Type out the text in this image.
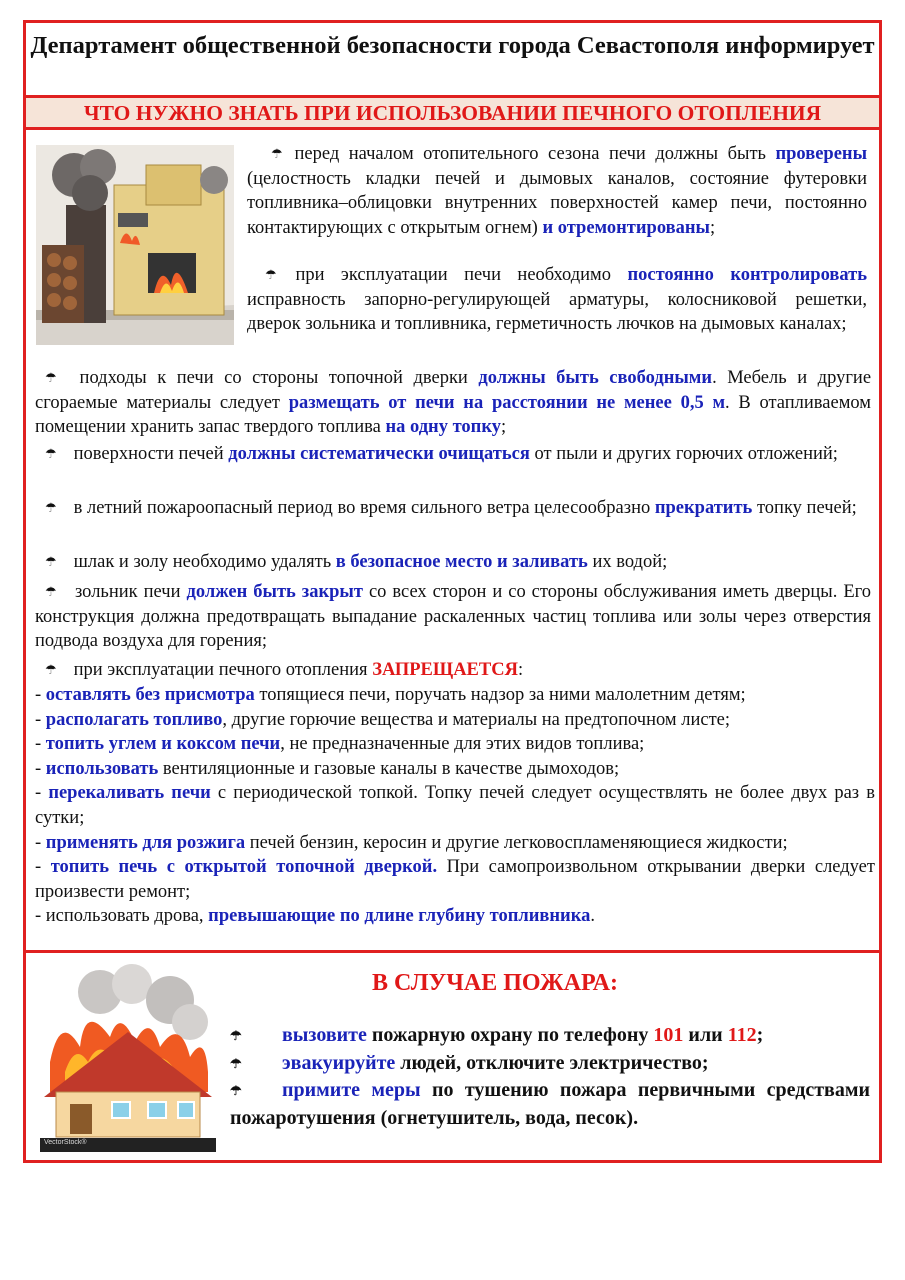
Департамент общественной безопасности города Севастополя информирует
ЧТО НУЖНО ЗНАТЬ ПРИ ИСПОЛЬЗОВАНИИ ПЕЧНОГО ОТОПЛЕНИЯ
☂ перед началом отопительного сезона печи должны быть проверены (целостность кладки печей и дымовых каналов, состояние футеровки топливника–облицовки внутренних поверхностей камер печи, постоянно контактирующих с открытым огнем) и отремонтированы;
☂ при эксплуатации печи необходимо постоянно контролировать исправность запорно-регулирующей арматуры, колосниковой решетки, дверок зольника и топливника, герметичность лючков на дымовых каналах;
☂ подходы к печи со стороны топочной дверки должны быть свободными. Мебель и другие сгораемые материалы следует размещать от печи на расстоянии не менее 0,5 м. В отапливаемом помещении хранить запас твердого топлива на одну топку;
☂ поверхности печей должны систематически очищаться от пыли и других горючих отложений;
☂ в летний пожароопасный период во время сильного ветра целесообразно прекратить топку печей;
☂ шлак и золу необходимо удалять в безопасное место и заливать их водой;
☂ зольник печи должен быть закрыт со всех сторон и со стороны обслуживания иметь дверцы. Его конструкция должна предотвращать выпадание раскаленных частиц топлива или золы через отверстия подвода воздуха для горения;
☂ при эксплуатации печного отопления ЗАПРЕЩАЕТСЯ:
- оставлять без присмотра топящиеся печи, поручать надзор за ними малолетним детям;
- располагать топливо, другие горючие вещества и материалы на предтопочном листе;
- топить углем и коксом печи, не предназначенные для этих видов топлива;
- использовать вентиляционные и газовые каналы в качестве дымоходов;
- перекаливать печи с периодической топкой. Топку печей следует осуществлять не более двух раз в сутки;
- применять для розжига печей бензин, керосин и другие легковоспламеняющиеся жидкости;
- топить печь с открытой топочной дверкой. При самопроизвольном открывании дверки следует произвести ремонт;
- использовать дрова, превышающие по длине глубину топливника.
VectorStock®
В СЛУЧАЕ ПОЖАРА:
☂ вызовите пожарную охрану по телефону 101 или 112;
☂ эвакуируйте людей, отключите электричество;
☂ примите меры по тушению пожара первичными средствами пожаротушения (огнетушитель, вода, песок).
